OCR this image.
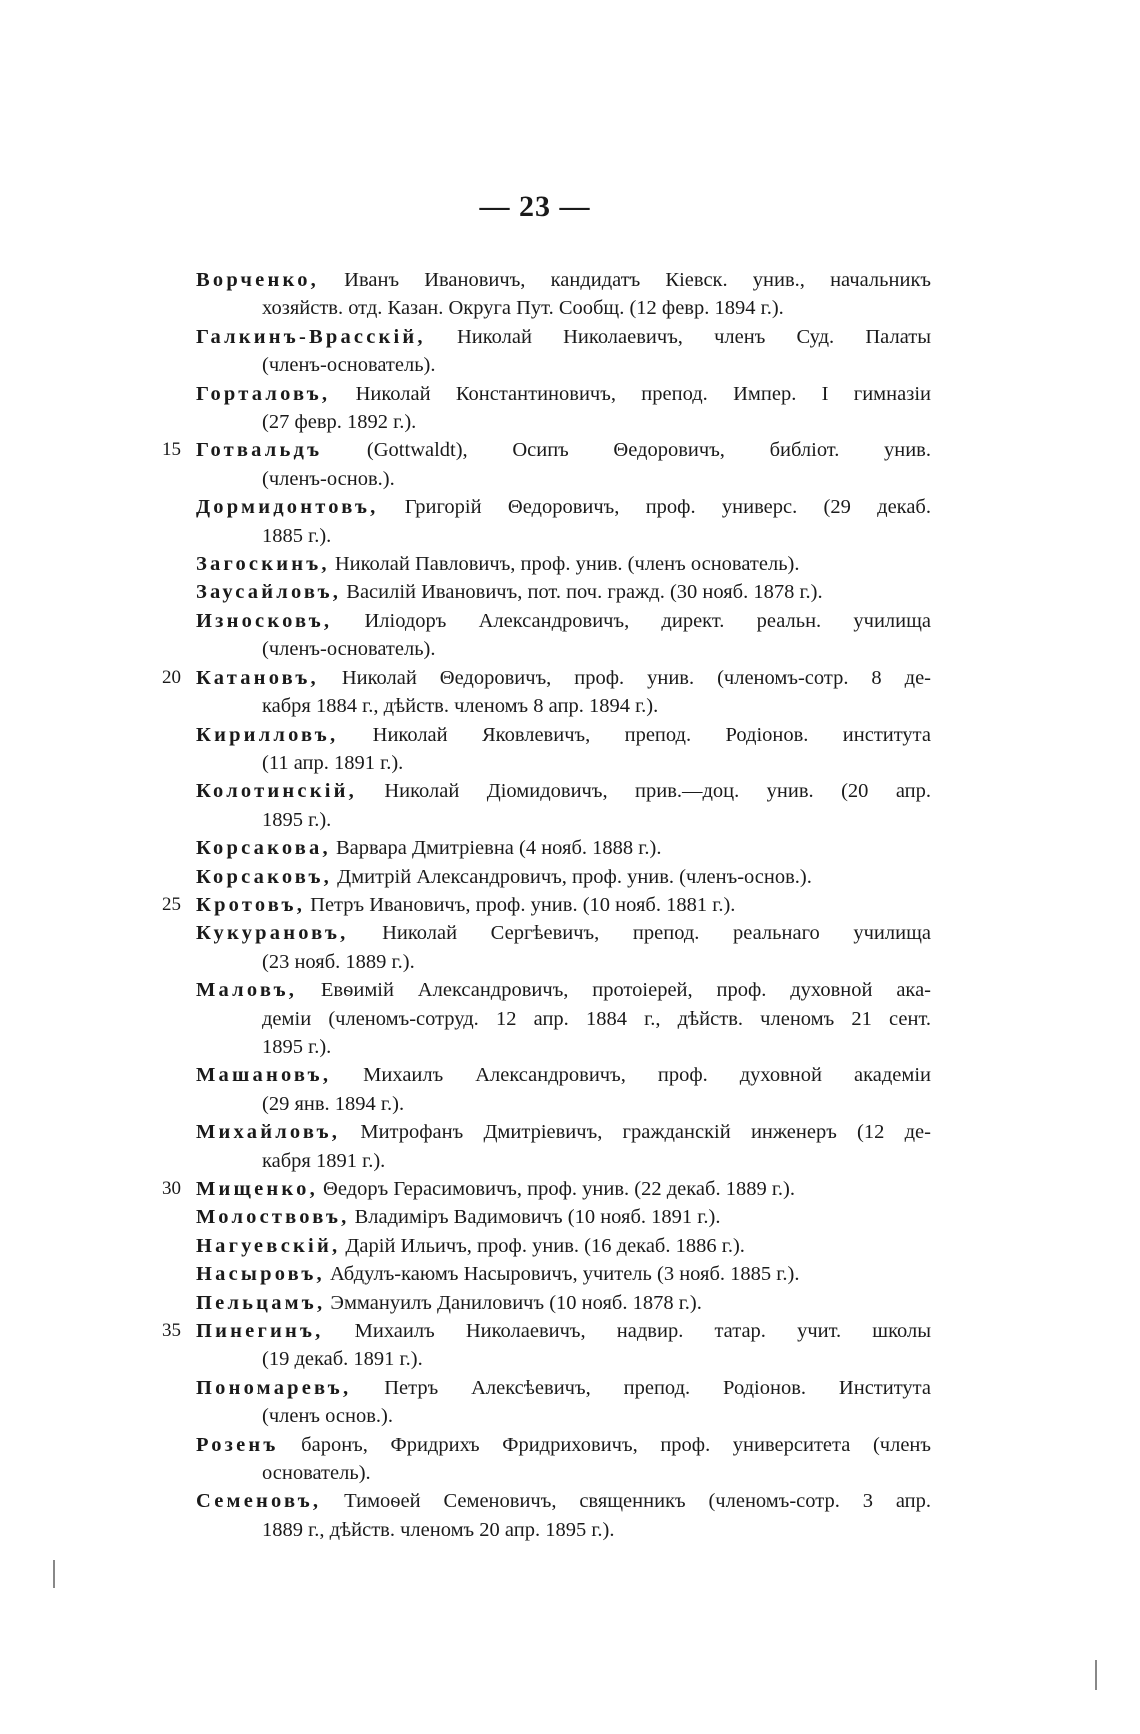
— 23 —
Ворченко, Иванъ Ивановичъ, кандидатъ Кіевск. унив., начальникъ
хозяйств. отд. Казан. Округа Пут. Сообщ. (12 февр. 1894 г.).
Галкинъ-Врасскій, Николай Николаевичъ, членъ Суд. Палаты
(членъ-основатель).
Горталовъ, Николай Константиновичъ, препод. Импер. I гимназіи
(27 февр. 1892 г.).
15 Готвальдъ (Gottwaldt), Осипъ Θедоровичъ, библіот. унив.
(членъ-основ.).
Дормидонтовъ, Григорій Θедоровичъ, проф. универс. (29 декаб.
1885 г.).
Загоскинъ, Николай Павловичъ, проф. унив. (членъ основатель).
Заусайловъ, Василій Ивановичъ, пот. поч. гражд. (30 нояб. 1878 г.).
Износковъ, Иліодоръ Александровичъ, директ. реальн. училища
(членъ-основатель).
20 Катановъ, Николай Θедоровичъ, проф. унив. (членомъ-сотр. 8 де-
кабря 1884 г., дѣйств. членомъ 8 апр. 1894 г.).
Кирилловъ, Николай Яковлевичъ, препод. Родіонов. института
(11 апр. 1891 г.).
Колотинскій, Николай Діомидовичъ, прив.—доц. унив. (20 апр.
1895 г.).
Корсакова, Варвара Дмитріевна (4 нояб. 1888 г.).
Корсаковъ, Дмитрій Александровичъ, проф. унив. (членъ-основ.).
25 Кротовъ, Петръ Ивановичъ, проф. унив. (10 нояб. 1881 г.).
Кукурановъ, Николай Сергѣевичъ, препод. реальнаго училища
(23 нояб. 1889 г.).
Маловъ, Евѳимій Александровичъ, протоіерей, проф. духовной ака-
деміи (членомъ-сотруд. 12 апр. 1884 г., дѣйств. членомъ 21 сент.
1895 г.).
Машановъ, Михаилъ Александровичъ, проф. духовной академіи
(29 янв. 1894 г.).
Михайловъ, Митрофанъ Дмитріевичъ, гражданскій инженеръ (12 де-
кабря 1891 г.).
30 Мищенко, Θедоръ Герасимовичъ, проф. унив. (22 декаб. 1889 г.).
Молоствовъ, Владиміръ Вадимовичъ (10 нояб. 1891 г.).
Нагуевскій, Дарій Ильичъ, проф. унив. (16 декаб. 1886 г.).
Насыровъ, Абдулъ-каюмъ Насыровичъ, учитель (3 нояб. 1885 г.).
Пельцамъ, Эммануилъ Даниловичъ (10 нояб. 1878 г.).
35 Пинегинъ, Михаилъ Николаевичъ, надвир. татар. учит. школы
(19 декаб. 1891 г.).
Пономаревъ, Петръ Алексѣевичъ, препод. Родіонов. Института
(членъ основ.).
Розенъ баронъ, Фридрихъ Фридриховичъ, проф. университета (членъ
основатель).
Семеновъ, Тимоѳей Семеновичъ, священникъ (членомъ-сотр. 3 апр.
1889 г., дѣйств. членомъ 20 апр. 1895 г.).
